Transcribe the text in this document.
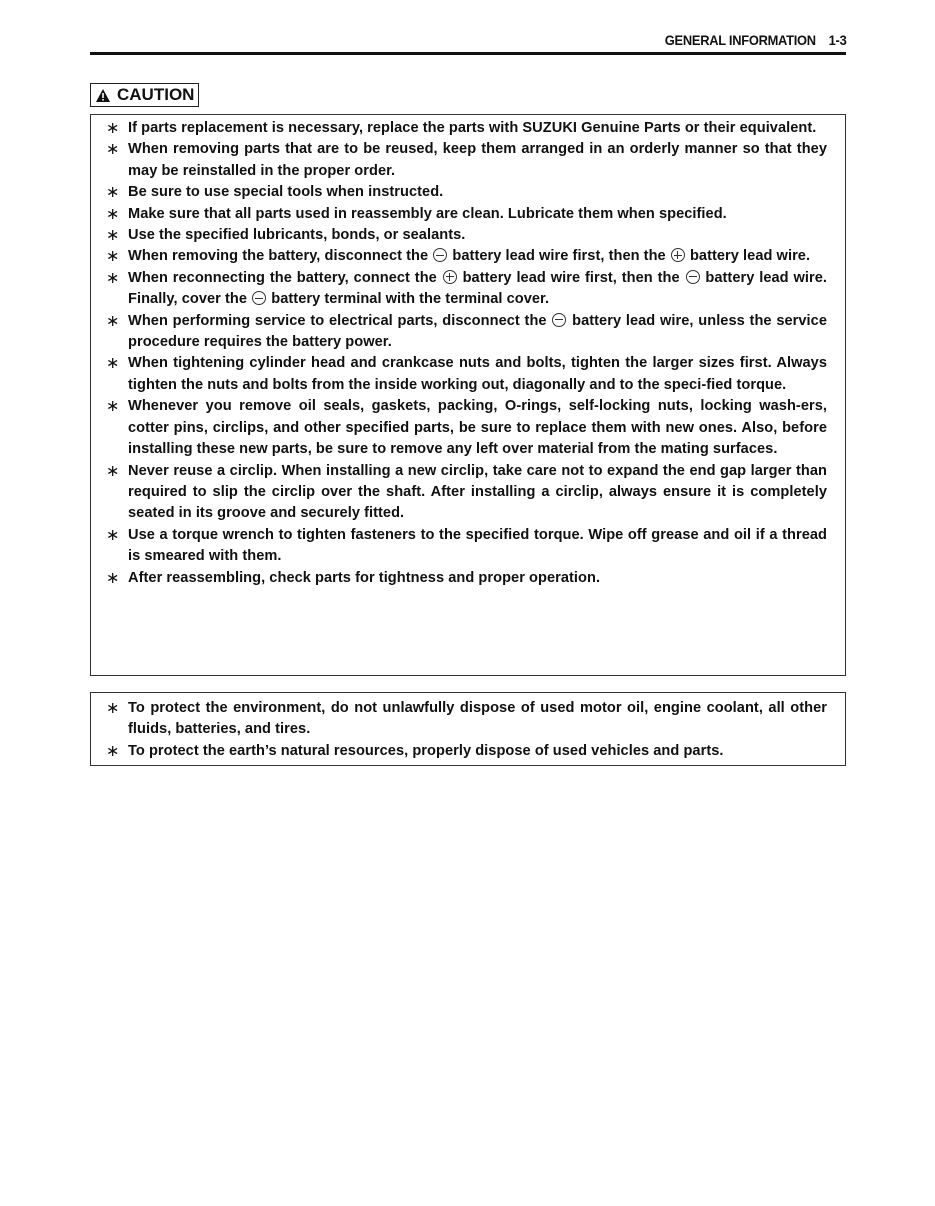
GENERAL INFORMATION 1-3
CAUTION
∗ If parts replacement is necessary, replace the parts with SUZUKI Genuine Parts or their equivalent.
∗ When removing parts that are to be reused, keep them arranged in an orderly manner so that they may be reinstalled in the proper order.
∗ Be sure to use special tools when instructed.
∗ Make sure that all parts used in reassembly are clean. Lubricate them when specified.
∗ Use the specified lubricants, bonds, or sealants.
∗ When removing the battery, disconnect the battery lead wire first, then the battery lead wire.
∗ When reconnecting the battery, connect the battery lead wire first, then the battery lead wire. Finally, cover the battery terminal with the terminal cover.
∗ When performing service to electrical parts, disconnect the battery lead wire, unless the service procedure requires the battery power.
∗ When tightening cylinder head and crankcase nuts and bolts, tighten the larger sizes first. Always tighten the nuts and bolts from the inside working out, diagonally and to the speci-fied torque.
∗ Whenever you remove oil seals, gaskets, packing, O-rings, self-locking nuts, locking wash-ers, cotter pins, circlips, and other specified parts, be sure to replace them with new ones. Also, before installing these new parts, be sure to remove any left over material from the mating surfaces.
∗ Never reuse a circlip. When installing a new circlip, take care not to expand the end gap larger than required to slip the circlip over the shaft. After installing a circlip, always ensure it is completely seated in its groove and securely fitted.
∗ Use a torque wrench to tighten fasteners to the specified torque. Wipe off grease and oil if a thread is smeared with them.
∗ After reassembling, check parts for tightness and proper operation.
∗ To protect the environment, do not unlawfully dispose of used motor oil, engine coolant, all other fluids, batteries, and tires.
∗ To protect the earth’s natural resources, properly dispose of used vehicles and parts.
